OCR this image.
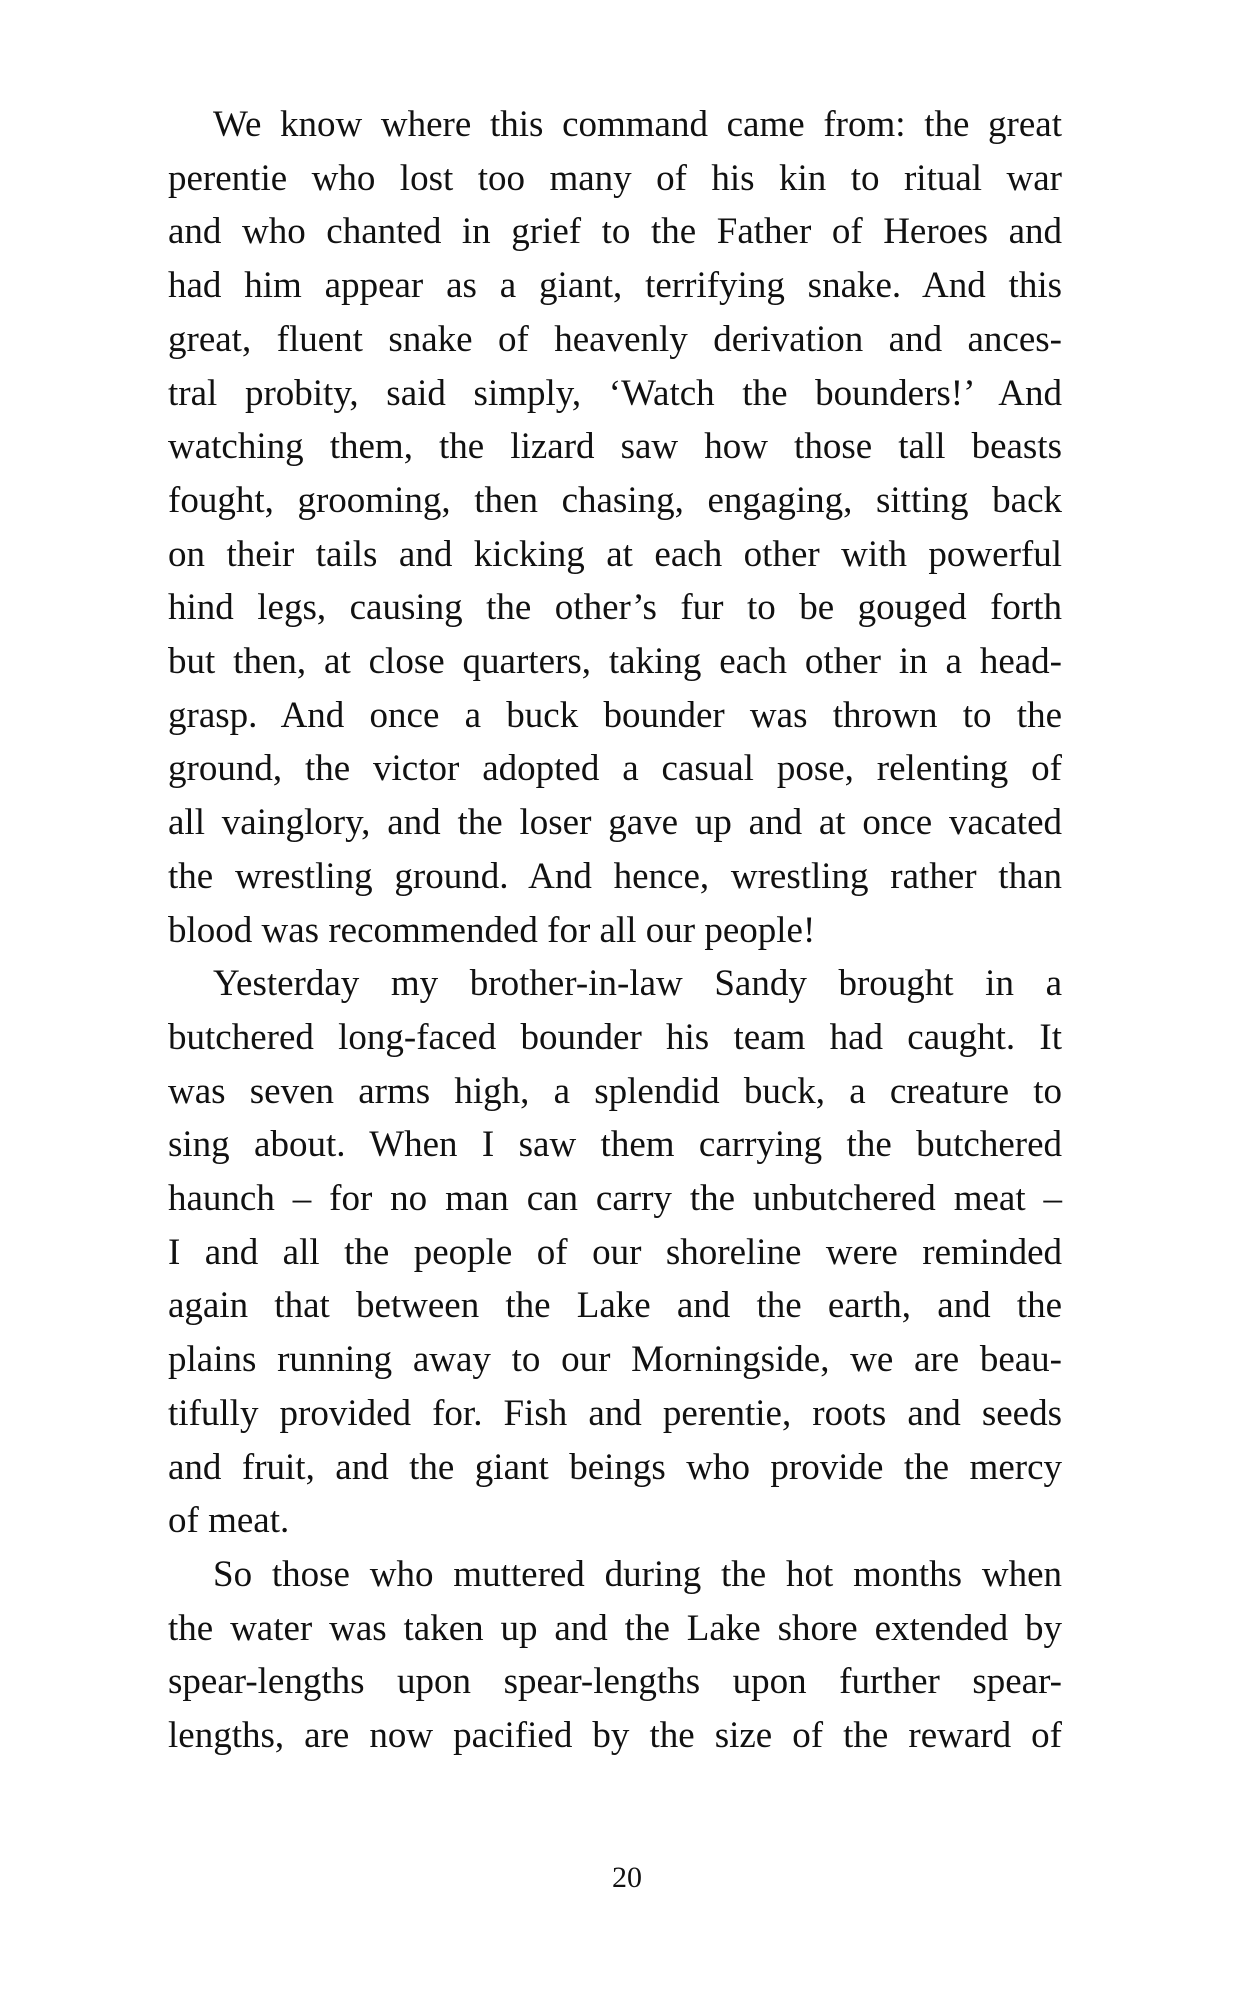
We know where this command came from: the great
perentie who lost too many of his kin to ritual war
and who chanted in grief to the Father of Heroes and
had him appear as a giant, terrifying snake. And this
great, fluent snake of heavenly derivation and ances-
tral probity, said simply, ‘Watch the bounders!’ And
watching them, the lizard saw how those tall beasts
fought, grooming, then chasing, engaging, sitting back
on their tails and kicking at each other with powerful
hind legs, causing the other’s fur to be gouged forth
but then, at close quarters, taking each other in a head-
grasp. And once a buck bounder was thrown to the
ground, the victor adopted a casual pose, relenting of
all vainglory, and the loser gave up and at once vacated
the wrestling ground. And hence, wrestling rather than
blood was recommended for all our people!
Yesterday my brother-in-law Sandy brought in a
butchered long-faced bounder his team had caught. It
was seven arms high, a splendid buck, a creature to
sing about. When I saw them carrying the butchered
haunch – for no man can carry the unbutchered meat –
I and all the people of our shoreline were reminded
again that between the Lake and the earth, and the
plains running away to our Morningside, we are beau-
tifully provided for. Fish and perentie, roots and seeds
and fruit, and the giant beings who provide the mercy
of meat.
So those who muttered during the hot months when
the water was taken up and the Lake shore extended by
spear-lengths upon spear-lengths upon further spear-
lengths, are now pacified by the size of the reward of
20
